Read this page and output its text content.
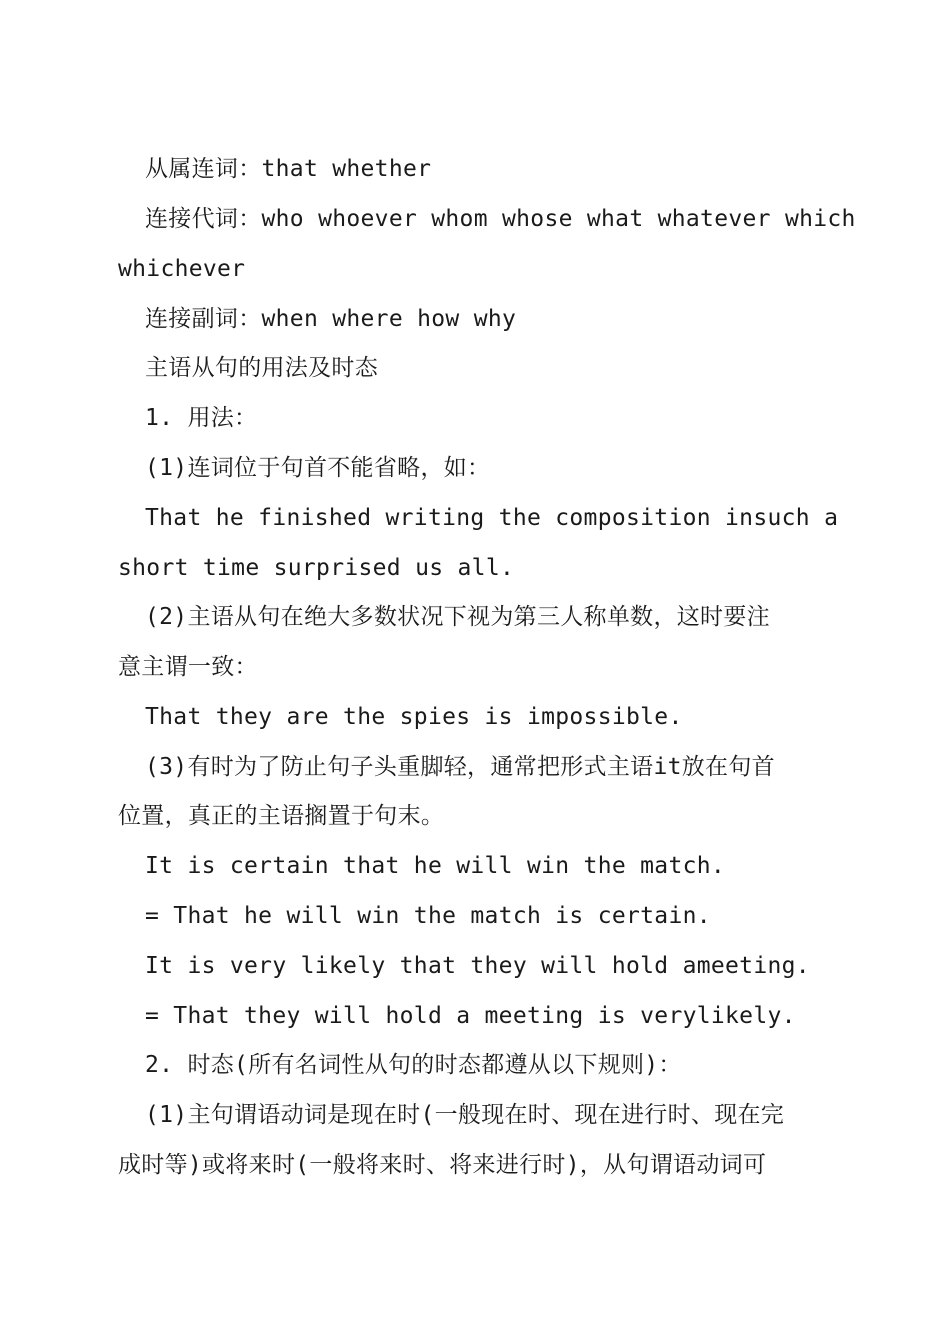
从属连词：that whether
连接代词：who whoever whom whose what whatever which
whichever
连接副词：when where how why
主语从句的用法及时态
1. 用法：
(1)连词位于句首不能省略，如：
That he finished writing the composition insuch a
short time surprised us all.
(2)主语从句在绝大多数状况下视为第三人称单数，这时要注
意主谓一致：
That they are the spies is impossible.
(3)有时为了防止句子头重脚轻，通常把形式主语it放在句首
位置，真正的主语搁置于句末。
It is certain that he will win the match.
= That he will win the match is certain.
It is very likely that they will hold ameeting.
= That they will hold a meeting is verylikely.
2. 时态(所有名词性从句的时态都遵从以下规则)：
(1)主句谓语动词是现在时(一般现在时、现在进行时、现在完
成时等)或将来时(一般将来时、将来进行时)，从句谓语动词可
